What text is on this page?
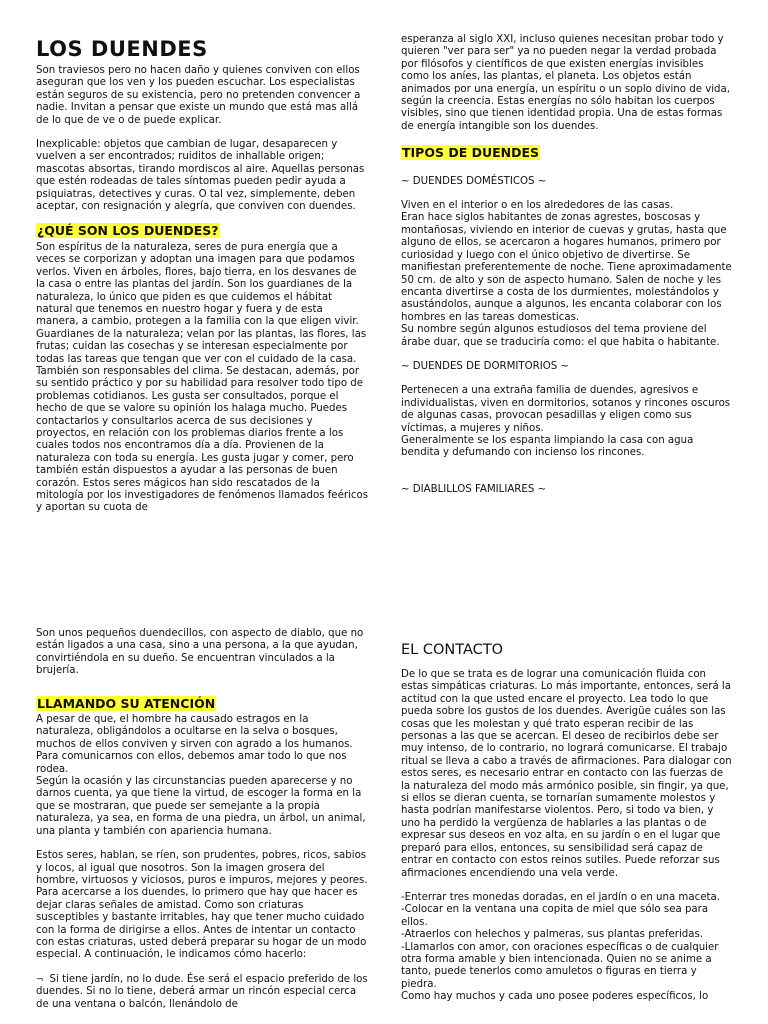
LOS DUENDES

Son traviesos pero no hacen daño y quienes conviven con ellos aseguran que los ven y los pueden escuchar. Los especialistas están seguros de su existencia, pero no pretenden convencer a nadie. Invitan a pensar que existe un mundo que está mas allá de lo que de ve o de puede explicar.

Inexplicable: objetos que cambian de lugar, desaparecen y vuelven a ser encontrados; ruiditos de inhallable origen; mascotas absortas, tirando mordiscos al aire. Aquellas personas que estén rodeadas de tales síntomas pueden pedir ayuda a psiquiatras, detectives y curas. O tal vez, simplemente, deben aceptar, con resignación y alegría, que conviven con duendes.

¿QUÉ SON LOS DUENDES?

Son espíritus de la naturaleza, seres de pura energía que a veces se corporizan y adoptan una imagen para que podamos verlos. Viven en árboles, flores, bajo tierra, en los desvanes de la casa o entre las plantas del jardín. Son los guardianes de la naturaleza, lo único que piden es que cuidemos el hábitat natural que tenemos en nuestro hogar y fuera y de esta manera, a cambio, protegen a la familia con la que eligen vivir.

Guardianes de la naturaleza; velan por las plantas, las flores, las frutas; cuidan las cosechas y se interesan especialmente por todas las tareas que tengan que ver con el cuidado de la casa. También son responsables del clima. Se destacan, además, por su sentido práctico y por su habilidad para resolver todo tipo de problemas cotidianos. Les gusta ser consultados, porque el hecho de que se valore su opinión los halaga mucho. Puedes contactarlos y consultarlos acerca de sus decisiones y proyectos, en relación con los problemas diarios frente a los cuales todos nos encontramos día a día. Provienen de la naturaleza con toda su energía. Les gusta jugar y comer, pero también están dispuestos a ayudar a las personas de buen corazón. Estos seres mágicos han sido rescatados de la mitología por los investigadores de fenómenos llamados feéricos y aportan su cuota de

esperanza al siglo XXI, incluso quienes necesitan probar todo y quieren "ver para ser" ya no pueden negar la verdad probada por filósofos y científicos de que existen energías invisibles como los aníes, las plantas, el planeta. Los objetos están animados por una energía, un espíritu o un soplo divino de vida, según la creencia. Estas energías no sólo habitan los cuerpos visibles, sino que tienen identidad propia. Una de estas formas de energía intangible son los duendes.

TIPOS DE DUENDES

~ DUENDES DOMÉSTICOS ~

Viven en el interior o en los alrededores de las casas.

Eran hace siglos habitantes de zonas agrestes, boscosas y montañosas, viviendo en interior de cuevas y grutas, hasta que alguno de ellos, se acercaron a hogares humanos, primero por curiosidad y luego con el único objetivo de divertirse. Se manifiestan preferentemente de noche. Tiene aproximadamente 50 cm. de alto y son de aspecto humano. Salen de noche y les encanta divertirse a costa de los durmientes, molestándolos y asustándolos, aunque a algunos, les encanta colaborar con los hombres en las tareas domesticas.

Su nombre según algunos estudiosos del tema proviene del árabe duar, que se traduciría como: el que habita o habitante.

~ DUENDES DE DORMITORIOS ~

Pertenecen a una extraña familia de duendes, agresivos e individualistas, viven en dormitorios, sotanos y rincones oscuros de algunas casas, provocan pesadillas y eligen como sus víctimas, a mujeres y niños.

Generalmente se los espanta limpiando la casa con agua bendita y defumando con incienso los rincones.

~ DIABLILLOS FAMILIARES ~

Son unos pequeños duendecillos, con aspecto de diablo, que no están ligados a una casa, sino a una persona, a la que ayudan, convirtiéndola en su dueño. Se encuentran vinculados a la brujería.

LLAMANDO SU ATENCIÓN

A pesar de que, el hombre ha causado estragos en la naturaleza, obligándolos a ocultarse en la selva o bosques, muchos de ellos conviven y sirven con agrado a los humanos. Para comunicarnos con ellos, debemos amar todo lo que nos rodea.

Según la ocasión y las circunstancias pueden aparecerse y no darnos cuenta, ya que tiene la virtud, de escoger la forma en la que se mostraran, que puede ser semejante a la propia naturaleza, ya sea, en forma de una piedra, un árbol, un animal, una planta y también con apariencia humana.

Estos seres, hablan, se ríen, son prudentes, pobres, ricos, sabios y locos, al igual que nosotros. Son la imagen grosera del hombre, virtuosos y viciosos, puros e impuros, mejores y peores. Para acercarse a los duendes, lo primero que hay que hacer es dejar claras señales de amistad. Como son criaturas susceptibles y bastante irritables, hay que tener mucho cuidado con la forma de dirigirse a ellos. Antes de intentar un contacto con estas criaturas, usted deberá preparar su hogar de un modo especial. A continuación, le indicamos cómo hacerlo:

¬ Si tiene jardín, no lo dude. Ése será el espacio preferido de los duendes. Si no lo tiene, deberá armar un rincón especial cerca de una ventana o balcón, llenándolo de

EL CONTACTO

De lo que se trata es de lograr una comunicación fluida con estas simpáticas criaturas. Lo más importante, entonces, será la actitud con la que usted encare el proyecto. Lea todo lo que pueda sobre los gustos de los duendes. Averigüe cuáles son las cosas que les molestan y qué trato esperan recibir de las personas a las que se acercan. El deseo de recibirlos debe ser muy intenso, de lo contrario, no logrará comunicarse. El trabajo ritual se lleva a cabo a través de afirmaciones. Para dialogar con estos seres, es necesario entrar en contacto con las fuerzas de la naturaleza del modo más armónico posible, sin fingir, ya que, si ellos se dieran cuenta, se tornarían sumamente molestos y hasta podrían manifestarse violentos. Pero, si todo va bien, y uno ha perdido la vergüenza de hablarles a las plantas o de expresar sus deseos en voz alta, en su jardín o en el lugar que preparó para ellos, entonces, su sensibilidad será capaz de entrar en contacto con estos reinos sutiles. Puede reforzar sus afirmaciones encendiendo una vela verde.

-Enterrar tres monedas doradas, en el jardín o en una maceta.

-Colocar en la ventana una copita de miel que sólo sea para ellos.

-Atraerlos con helechos y palmeras, sus plantas preferidas.

-Llamarlos con amor, con oraciones específicas o de cualquier otra forma amable y bien intencionada. Quien no se anime a tanto, puede tenerlos como amuletos o figuras en tierra y piedra.

Como hay muchos y cada uno posee poderes específicos, lo
